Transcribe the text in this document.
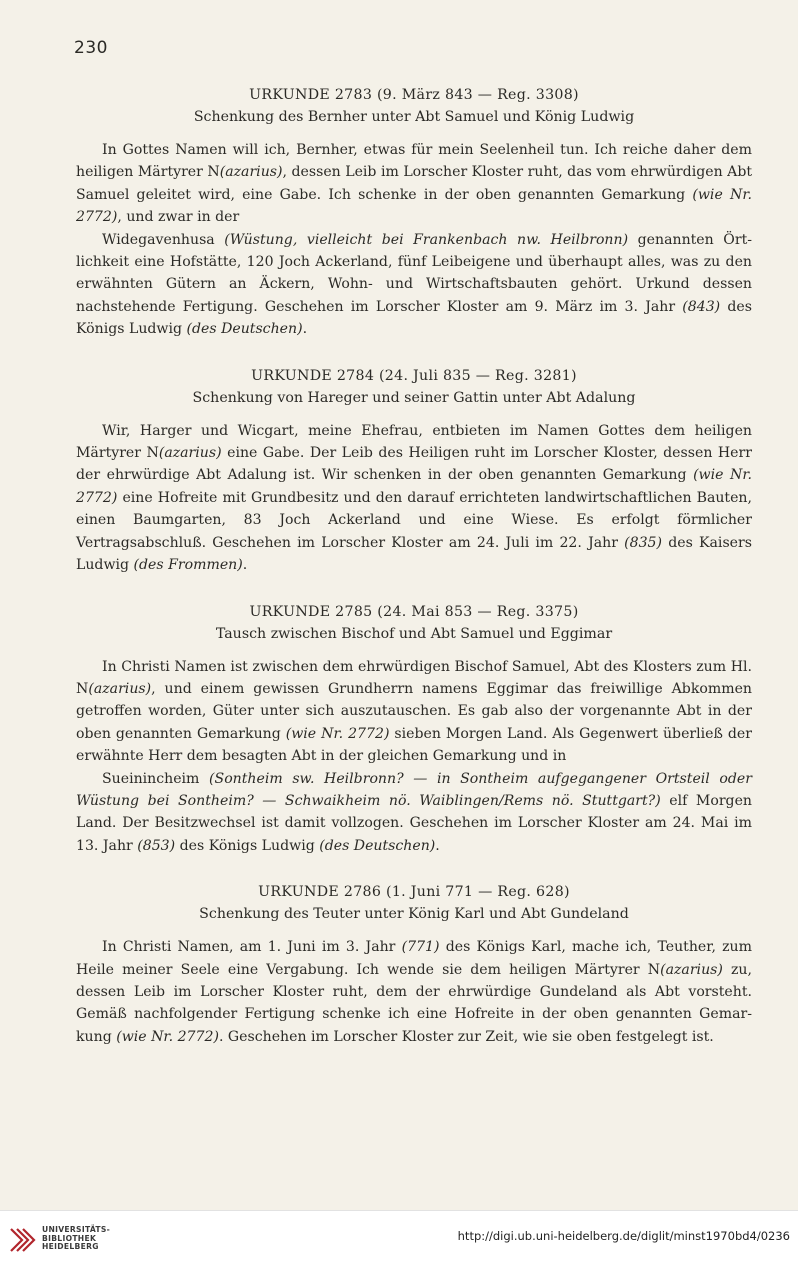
230

URKUNDE 2783 (9. März 843 — Reg. 3308)

Schenkung des Bernher unter Abt Samuel und König Ludwig

In Gottes Namen will ich, Bernher, etwas für mein Seelenheil tun. Ich reiche daher dem heiligen Märtyrer N(azarius), dessen Leib im Lorscher Kloster ruht, das vom ehrwürdigen Abt Samuel geleitet wird, eine Gabe. Ich schenke in der oben genannten Gemarkung (wie Nr. 2772), und zwar in der

Widegavenhusa (Wüstung, vielleicht bei Frankenbach nw. Heilbronn) genannten Örtlichkeit eine Hofstätte, 120 Joch Ackerland, fünf Leibeigene und überhaupt alles, was zu den erwähnten Gütern an Äckern, Wohn- und Wirtschaftsbauten gehört. Urkund dessen nachstehende Fertigung. Geschehen im Lorscher Kloster am 9. März im 3. Jahr (843) des Königs Ludwig (des Deutschen).

URKUNDE 2784 (24. Juli 835 — Reg. 3281)

Schenkung von Hareger und seiner Gattin unter Abt Adalung

Wir, Harger und Wicgart, meine Ehefrau, entbieten im Namen Gottes dem heiligen Märtyrer N(azarius) eine Gabe. Der Leib des Heiligen ruht im Lorscher Kloster, dessen Herr der ehrwürdige Abt Adalung ist. Wir schenken in der oben genannten Gemarkung (wie Nr. 2772) eine Hofreite mit Grundbesitz und den darauf errichteten landwirtschaftlichen Bauten, einen Baumgarten, 83 Joch Ackerland und eine Wiese. Es erfolgt förmlicher Vertragsabschluß. Geschehen im Lorscher Kloster am 24. Juli im 22. Jahr (835) des Kaisers Ludwig (des Frommen).

URKUNDE 2785 (24. Mai 853 — Reg. 3375)

Tausch zwischen Bischof und Abt Samuel und Eggimar

In Christi Namen ist zwischen dem ehrwürdigen Bischof Samuel, Abt des Klosters zum Hl. N(azarius), und einem gewissen Grundherrn namens Eggimar das freiwillige Abkommen getroffen worden, Güter unter sich auszutauschen. Es gab also der vorgenannte Abt in der oben genannten Gemarkung (wie Nr. 2772) sieben Morgen Land. Als Gegenwert überließ der erwähnte Herr dem besagten Abt in der gleichen Gemarkung und in

Sueinincheim (Sontheim sw. Heilbronn? — in Sontheim aufgegangener Ortsteil oder Wüstung bei Sontheim? — Schwaikheim nö. Waiblingen/Rems nö. Stuttgart?) elf Morgen Land. Der Besitzwechsel ist damit vollzogen. Geschehen im Lorscher Kloster am 24. Mai im 13. Jahr (853) des Königs Ludwig (des Deutschen).

URKUNDE 2786 (1. Juni 771 — Reg. 628)

Schenkung des Teuter unter König Karl und Abt Gundeland

In Christi Namen, am 1. Juni im 3. Jahr (771) des Königs Karl, mache ich, Teuther, zum Heile meiner Seele eine Vergabung. Ich wende sie dem heiligen Märtyrer N(azarius) zu, dessen Leib im Lorscher Kloster ruht, dem der ehrwürdige Gundeland als Abt vorsteht. Gemäß nachfolgender Fertigung schenke ich eine Hofreite in der oben genannten Gemarkung (wie Nr. 2772). Geschehen im Lorscher Kloster zur Zeit, wie sie oben festgelegt ist.

UNIVERSITÄTS-
BIBLIOTHEK
HEIDELBERG
http://digi.ub.uni-heidelberg.de/diglit/minst1970bd4/0236
